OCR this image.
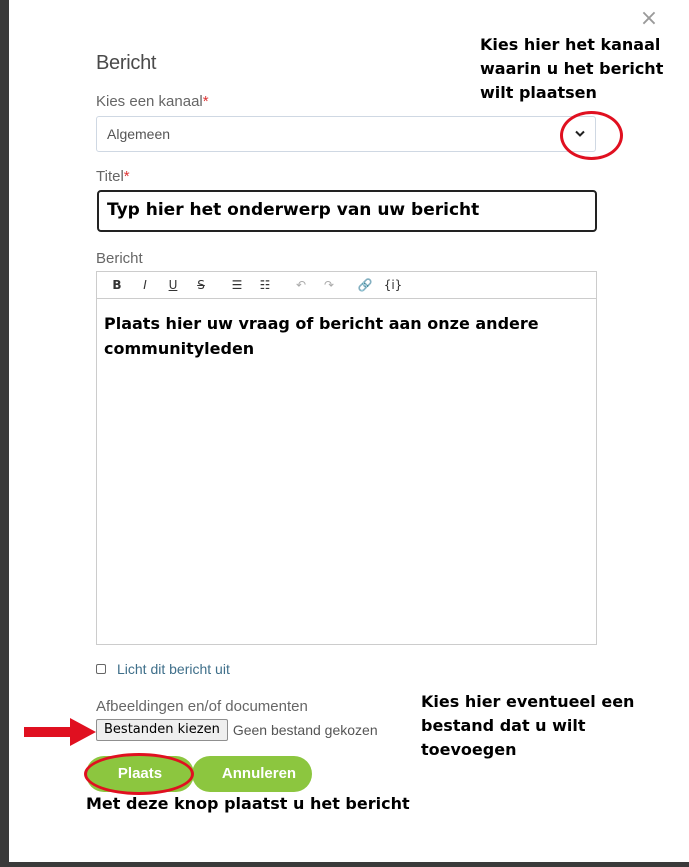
×
Bericht
Kies een kanaal*
Algemeen
Titel*
Typ hier het onderwerp van uw bericht
Bericht
B	I	U	S	☰	☷	↶	↷	🔗 {i}
Plaats hier uw vraag of bericht aan onze andere communityleden
Licht dit bericht uit
Afbeeldingen en/of documenten
Bestanden kiezen Geen bestand gekozen
Annuleren
Plaats
Kies hier het kanaal waarin u het bericht wilt plaatsen
Kies hier eventueel een bestand dat u wilt toevoegen
Met deze knop plaatst u het bericht
